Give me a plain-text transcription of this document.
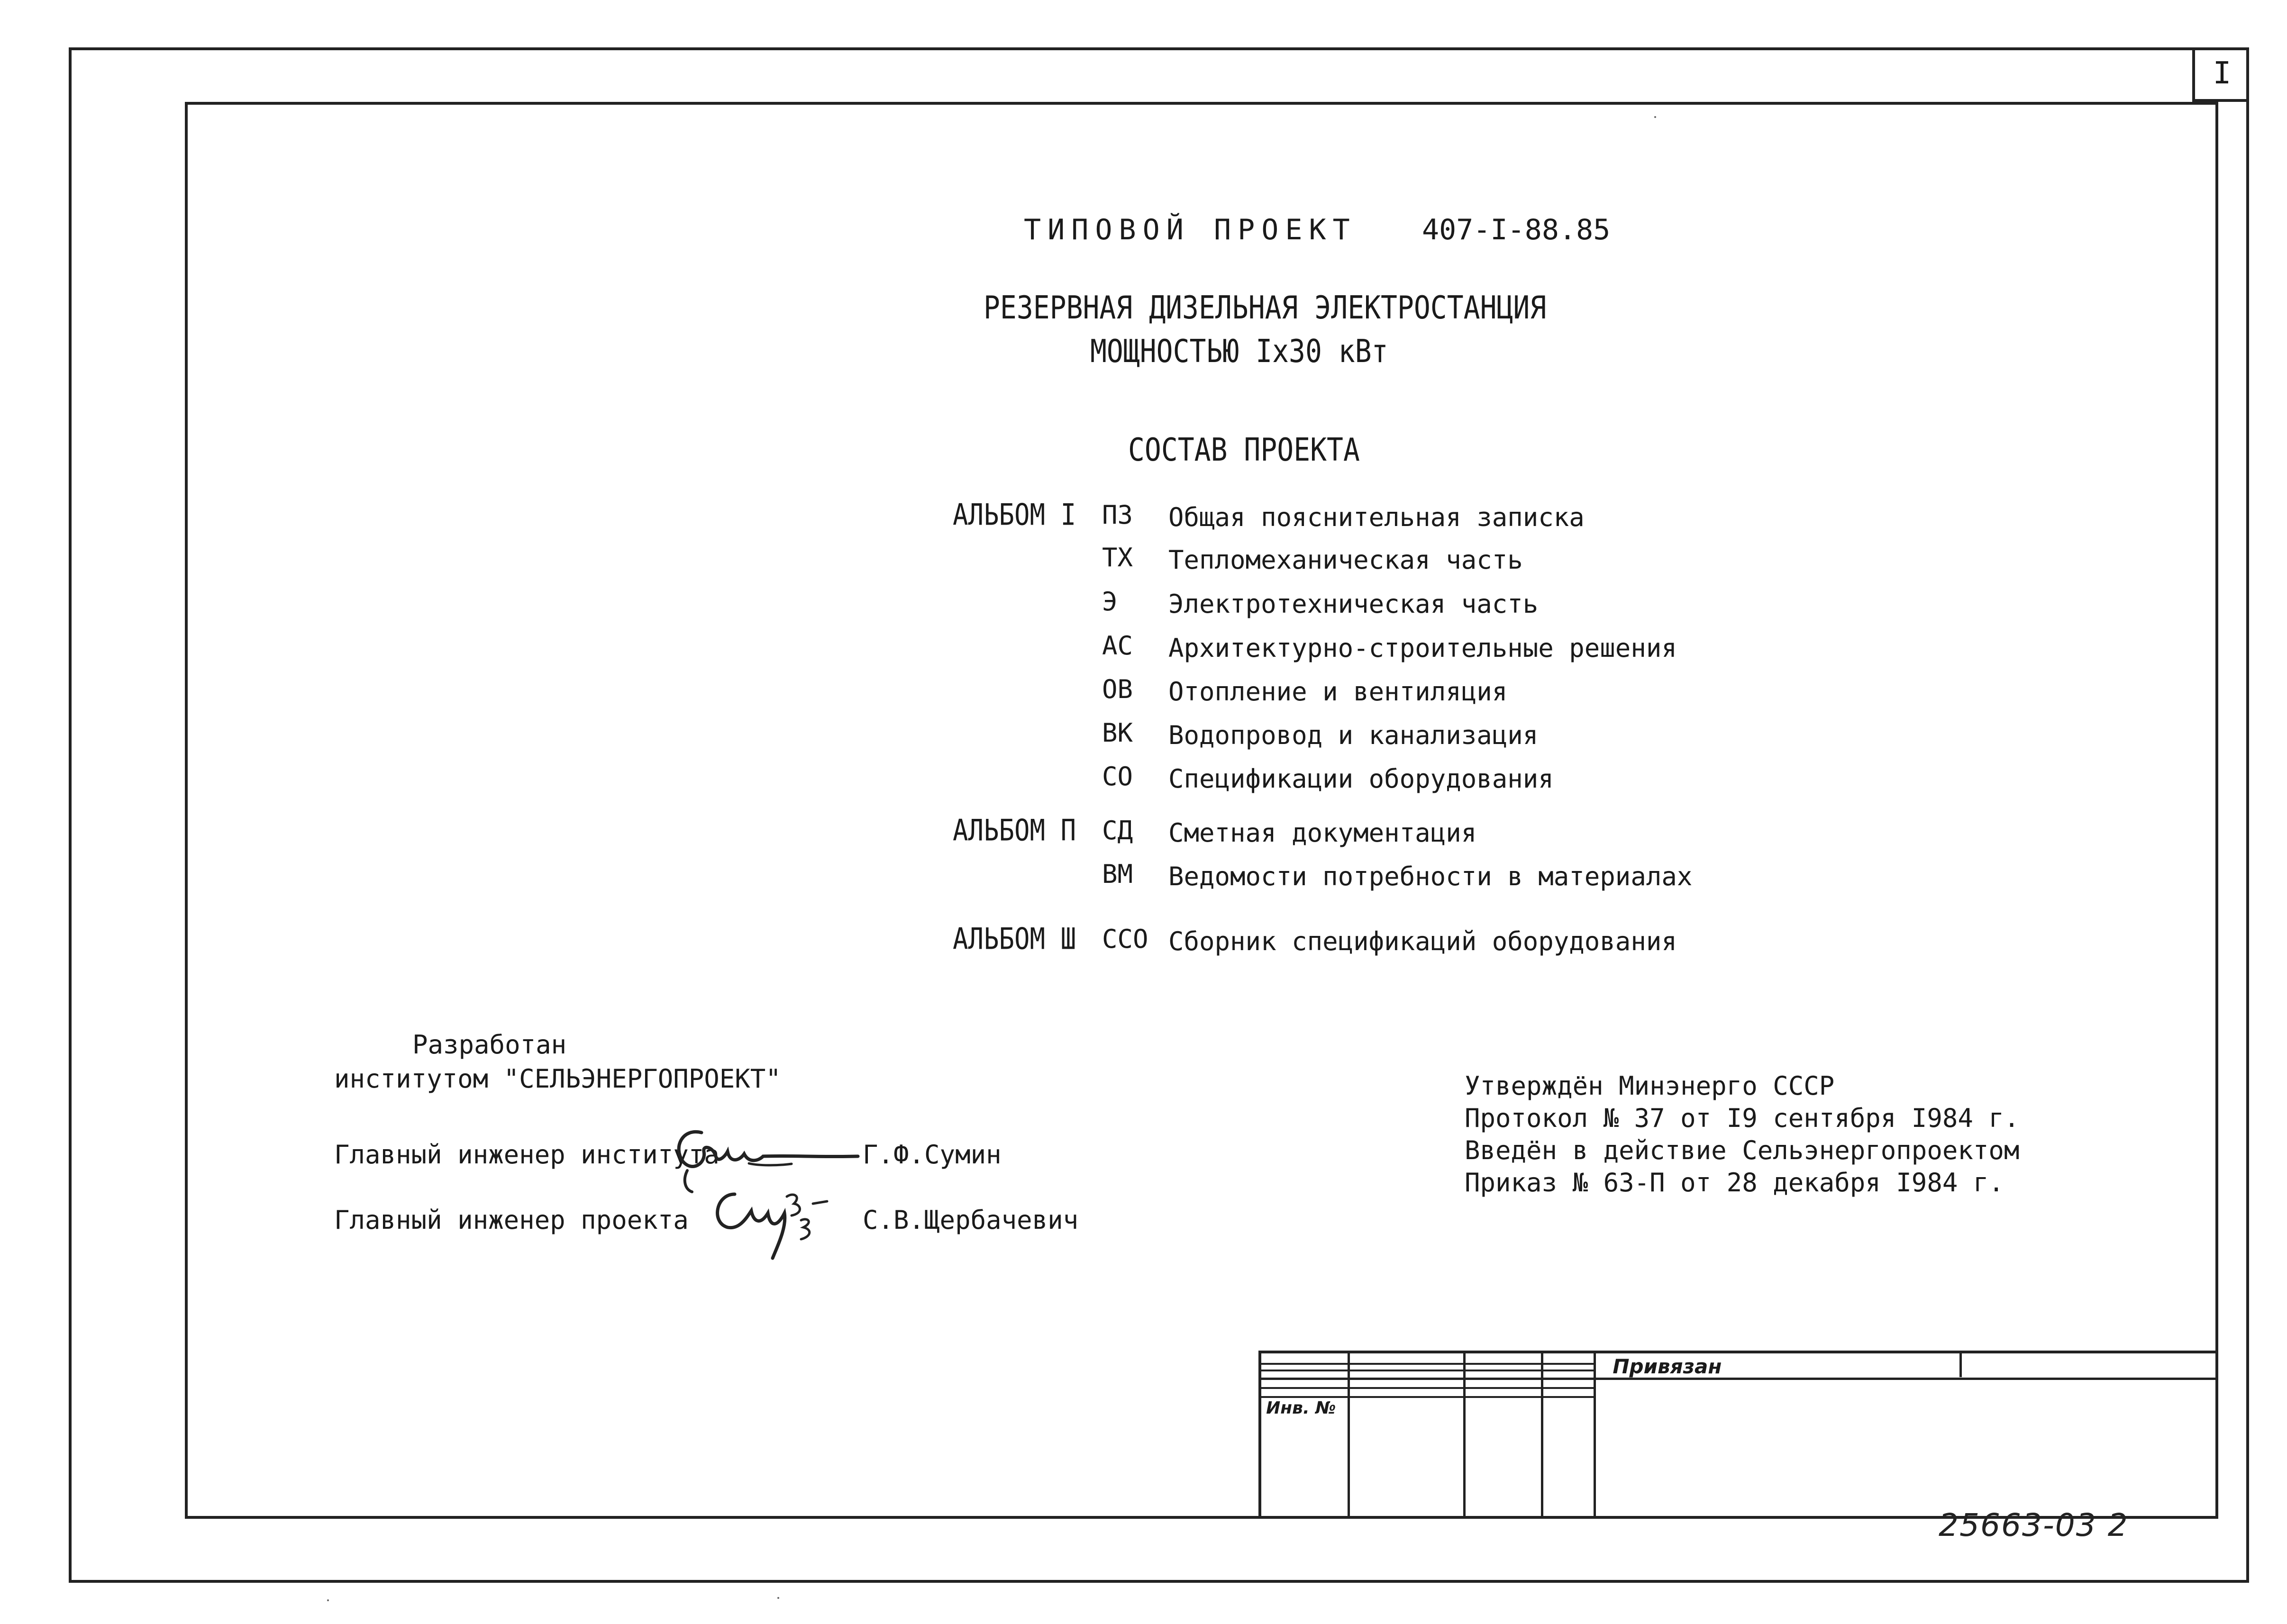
I
ТИПОВОЙ ПРОЕКТ 407-I-88.85
РЕЗЕРВНАЯ ДИЗЕЛЬНАЯ ЭЛЕКТРОСТАНЦИЯ
МОЩНОСТЬЮ Iх30 кВт
СОСТАВ ПРОЕКТА
АЛЬБОМ I ПЗ Общая пояснительная записка
ТХ Тепломеханическая часть
Э Электротехническая часть
АС Архитектурно-строительные решения
ОВ Отопление и вентиляция
ВК Водопровод и канализация
СО Спецификации оборудования
АЛЬБОМ П СД Сметная документация
ВМ Ведомости потребности в материалах
АЛЬБОМ Ш ССО Сборник спецификаций оборудования
Разработан
институтом "СЕЛЬЭНЕРГОПРОЕКТ"
Главный инженер института	Г.Ф.Сумин
Главный инженер проекта	С.В.Щербачевич
Утверждён Минэнерго СССР
Протокол № 37 от I9 сентября I984 г.
Введён в действие Сельэнергопроектом
Приказ № 63-П от 28 декабря I984 г.
Привязан
Инв. №
25663-03 2
